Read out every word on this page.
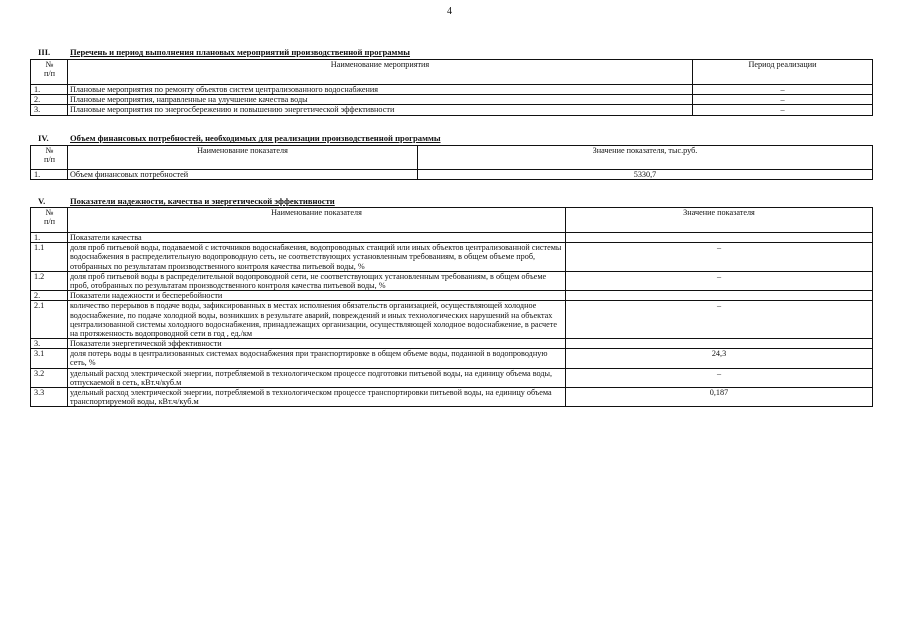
4
III. Перечень и период выполнения плановых мероприятий производственной программы
№
п/п	Наименование мероприятия	Период реализации
1.	Плановые мероприятия по ремонту объектов систем централизованного водоснабжения	–
2.	Плановые мероприятия, направленные на улучшение качества воды	–
3.	Плановые мероприятия по энергосбережению и повышению энергетической эффективности	–
IV. Объем финансовых потребностей, необходимых для реализации производственной программы
№
п/п	Наименование показателя	Значение показателя, тыс.руб.
1.	Объем финансовых потребностей	5330,7
V.	Показатели надежности, качества и энергетической эффективности
№
п/п	Наименование показателя	Значение показателя
1.	Показатели качества	
1.1	доля проб питьевой воды, подаваемой с источников водоснабжения, водопроводных станций или иных объектов централизованной системы водоснабжения в распределительную водопроводную сеть, не соответствующих установленным требованиям, в общем объеме проб, отобранных по результатам производственного контроля качества питьевой воды, %	–
1.2	доля проб питьевой воды в распределительной водопроводной сети, не соответствующих установленным требованиям, в общем объеме проб, отобранных по результатам производственного контроля качества питьевой воды, %	–
2.	Показатели надежности и бесперебойности	
2.1	количество перерывов в подаче воды, зафиксированных в местах исполнения обязательств организацией, осуществляющей холодное водоснабжение, по подаче холодной воды, возникших в результате аварий, повреждений и иных технологических нарушений на объектах централизованной системы холодного водоснабжения, принадлежащих организации, осуществляющей холодное водоснабжение, в расчете на протяженность водопроводной сети в год , ед./км	–
3.	Показатели энергетической эффективности	
3.1	доля потерь воды в централизованных системах водоснабжения при транспортировке в общем объеме воды, поданной в водопроводную сеть, %	24,3
3.2	удельный расход электрической энергии, потребляемой в технологическом процессе подготовки питьевой воды, на единицу объема воды, отпускаемой в сеть, кВт.ч/куб.м	–
3.3	удельный расход электрической энергии, потребляемой в технологическом процессе транспортировки питьевой воды, на единицу объема транспортируемой воды, кВт.ч/куб.м	0,187
